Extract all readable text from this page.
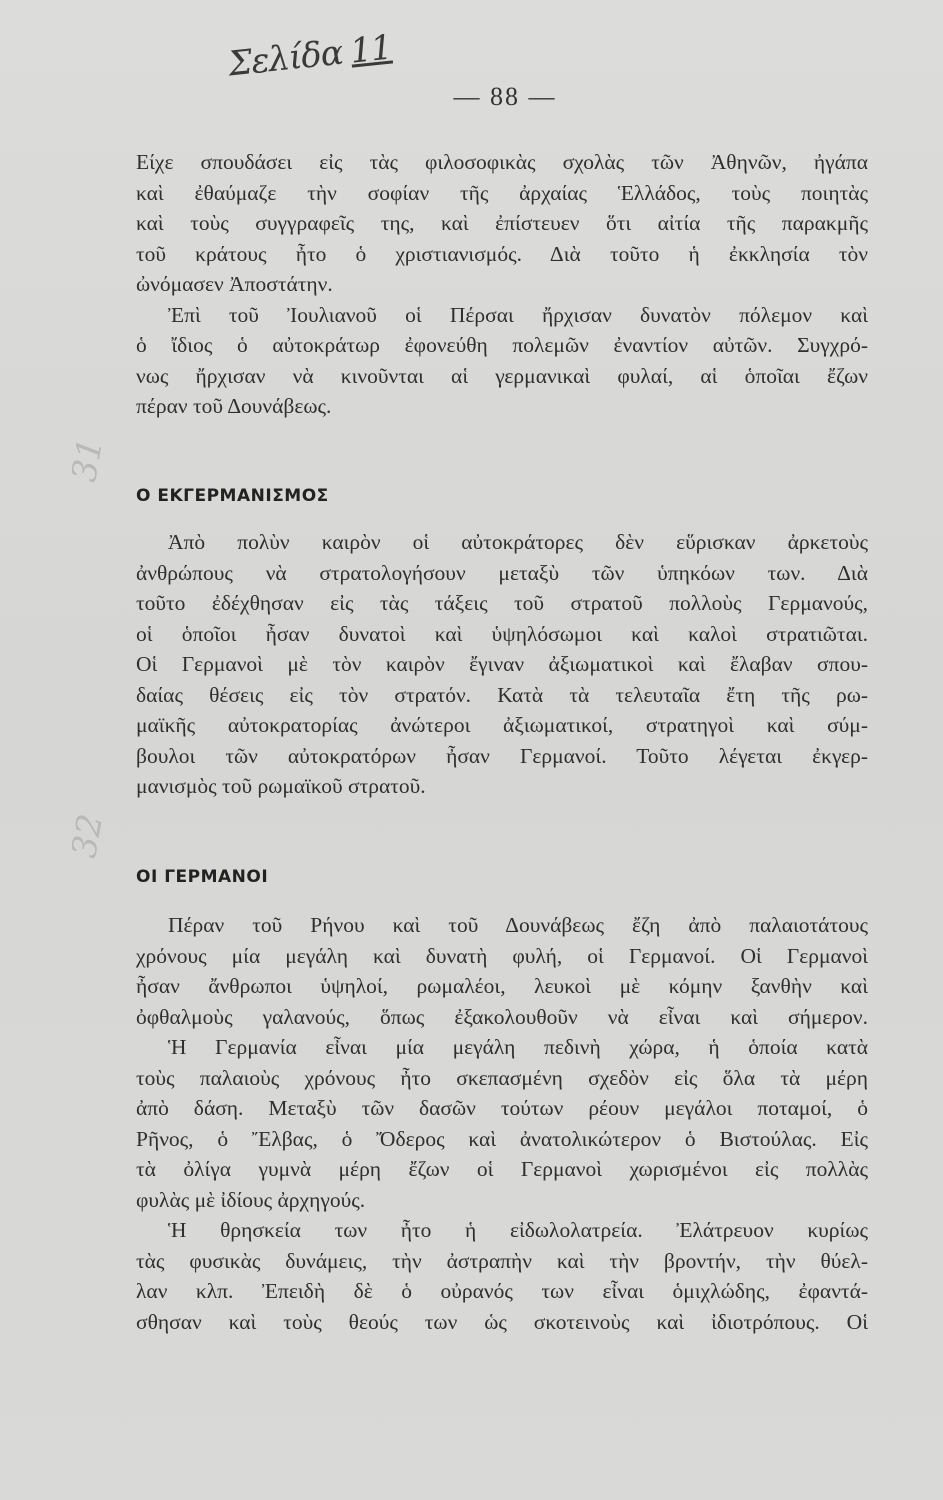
Σελίδα 11
31
32
— 88 —
Είχε σπουδάσει εἰς τὰς φιλοσοφικὰς σχολὰς τῶν Ἀθηνῶν, ἠγάπα
καὶ ἐθαύμαζε τὴν σοφίαν τῆς ἀρχαίας Ἑλλάδος, τοὺς ποιητὰς
καὶ τοὺς συγγραφεῖς της, καὶ ἐπίστευεν ὅτι αἰτία τῆς παρακμῆς
τοῦ κράτους ἦτο ὁ χριστιανισμός. Διὰ τοῦτο ἡ ἐκκλησία τὸν
ὠνόμασεν Ἀποστάτην.
Ἐπὶ τοῦ Ἰουλιανοῦ οἱ Πέρσαι ἤρχισαν δυνατὸν πόλεμον καὶ
ὁ ἴδιος ὁ αὐτοκράτωρ ἐφονεύθη πολεμῶν ἐναντίον αὐτῶν. Συγχρό-
νως ἤρχισαν νὰ κινοῦνται αἱ γερμανικαὶ φυλαί, αἱ ὁποῖαι ἔζων
πέραν τοῦ Δουνάβεως.
Ο ΕΚΓΕΡΜΑΝΙΣΜΟΣ
Ἀπὸ πολὺν καιρὸν οἱ αὐτοκράτορες δὲν εὕρισκαν ἀρκετοὺς
ἀνθρώπους νὰ στρατολογήσουν μεταξὺ τῶν ὑπηκόων των. Διὰ
τοῦτο ἐδέχθησαν εἰς τὰς τάξεις τοῦ στρατοῦ πολλοὺς Γερμανούς,
οἱ ὁποῖοι ἦσαν δυνατοὶ καὶ ὑψηλόσωμοι καὶ καλοὶ στρατιῶται.
Οἱ Γερμανοὶ μὲ τὸν καιρὸν ἔγιναν ἀξιωματικοὶ καὶ ἔλαβαν σπου-
δαίας θέσεις εἰς τὸν στρατόν. Κατὰ τὰ τελευταῖα ἔτη τῆς ρω-
μαϊκῆς αὐτοκρατορίας ἀνώτεροι ἀξιωματικοί, στρατηγοὶ καὶ σύμ-
βουλοι τῶν αὐτοκρατόρων ἦσαν Γερμανοί. Τοῦτο λέγεται ἐκγερ-
μανισμὸς τοῦ ρωμαϊκοῦ στρατοῦ.
ΟΙ ΓΕΡΜΑΝΟΙ
Πέραν τοῦ Ρήνου καὶ τοῦ Δουνάβεως ἔζη ἀπὸ παλαιοτάτους
χρόνους μία μεγάλη καὶ δυνατὴ φυλή, οἱ Γερμανοί. Οἱ Γερμανοὶ
ἦσαν ἄνθρωποι ὑψηλοί, ρωμαλέοι, λευκοὶ μὲ κόμην ξανθὴν καὶ
ὀφθαλμοὺς γαλανούς, ὅπως ἐξακολουθοῦν νὰ εἶναι καὶ σήμερον.
Ἡ Γερμανία εἶναι μία μεγάλη πεδινὴ χώρα, ἡ ὁποία κατὰ
τοὺς παλαιοὺς χρόνους ἦτο σκεπασμένη σχεδὸν εἰς ὅλα τὰ μέρη
ἀπὸ δάση. Μεταξὺ τῶν δασῶν τούτων ρέουν μεγάλοι ποταμοί, ὁ
Ρῆνος, ὁ Ἔλβας, ὁ Ὄδερος καὶ ἀνατολικώτερον ὁ Βιστούλας. Εἰς
τὰ ὀλίγα γυμνὰ μέρη ἔζων οἱ Γερμανοὶ χωρισμένοι εἰς πολλὰς
φυλὰς μὲ ἰδίους ἀρχηγούς.
Ἡ θρησκεία των ἦτο ἡ εἰδωλολατρεία. Ἐλάτρευον κυρίως
τὰς φυσικὰς δυνάμεις, τὴν ἀστραπὴν καὶ τὴν βροντήν, τὴν θύελ-
λαν κλπ. Ἐπειδὴ δὲ ὁ οὐρανός των εἶναι ὁμιχλώδης, ἐφαντά-
σθησαν καὶ τοὺς θεούς των ὡς σκοτεινοὺς καὶ ἰδιοτρόπους. Οἱ
